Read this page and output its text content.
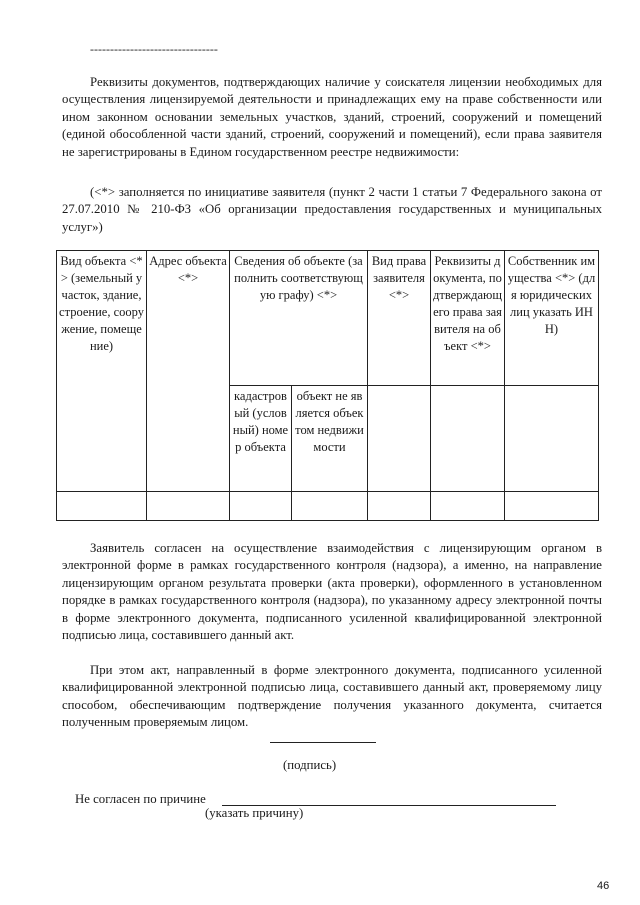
--------------------------------

Реквизиты документов, подтверждающих наличие у соискателя лицензии необходимых для осуществления лицензируемой деятельности и принадлежащих ему на праве собственности или ином законном основании земельных участков, зданий, строений, сооружений и помещений (единой обособленной части зданий, строений, сооружений и помещений), если права заявителя не зарегистрированы в Едином государственном реестре недвижимости:

(<*> заполняется по инициативе заявителя (пункт 2 части 1 статьи 7 Федерального закона от 27.07.2010 № 210-ФЗ «Об организации предоставления государственных и муниципальных услуг»)

Вид объекта <*> (земельный участок, здание, строение, сооружение, помещение)	Адрес объекта <*>	Сведения об объекте (заполнить соответствующую графу) <*>		Вид права заявителя <*>	Реквизиты документа, подтверждающего права заявителя на объект <*>	Собственник имущества <*> (для юридических лиц указать ИНН)
		кадастровый (условный) номер объекта	объект не является объектом недвижимости			

Заявитель согласен на осуществление взаимодействия с лицензирующим органом в электронной форме в рамках государственного контроля (надзора), а именно, на направление лицензирующим органом результата проверки (акта проверки), оформленного в установленном порядке в рамках государственного контроля (надзора), по указанному адресу электронной почты в форме электронного документа, подписанного усиленной квалифицированной электронной подписью лица, составившего данный акт.

При этом акт, направленный в форме электронного документа, подписанного усиленной квалифицированной электронной подписью лица, составившего данный акт, проверяемому лицу способом, обеспечивающим подтверждение получения указанного документа, считается полученным проверяемым лицом.

(подпись)
Не согласен по причине
(указать причину)
46
